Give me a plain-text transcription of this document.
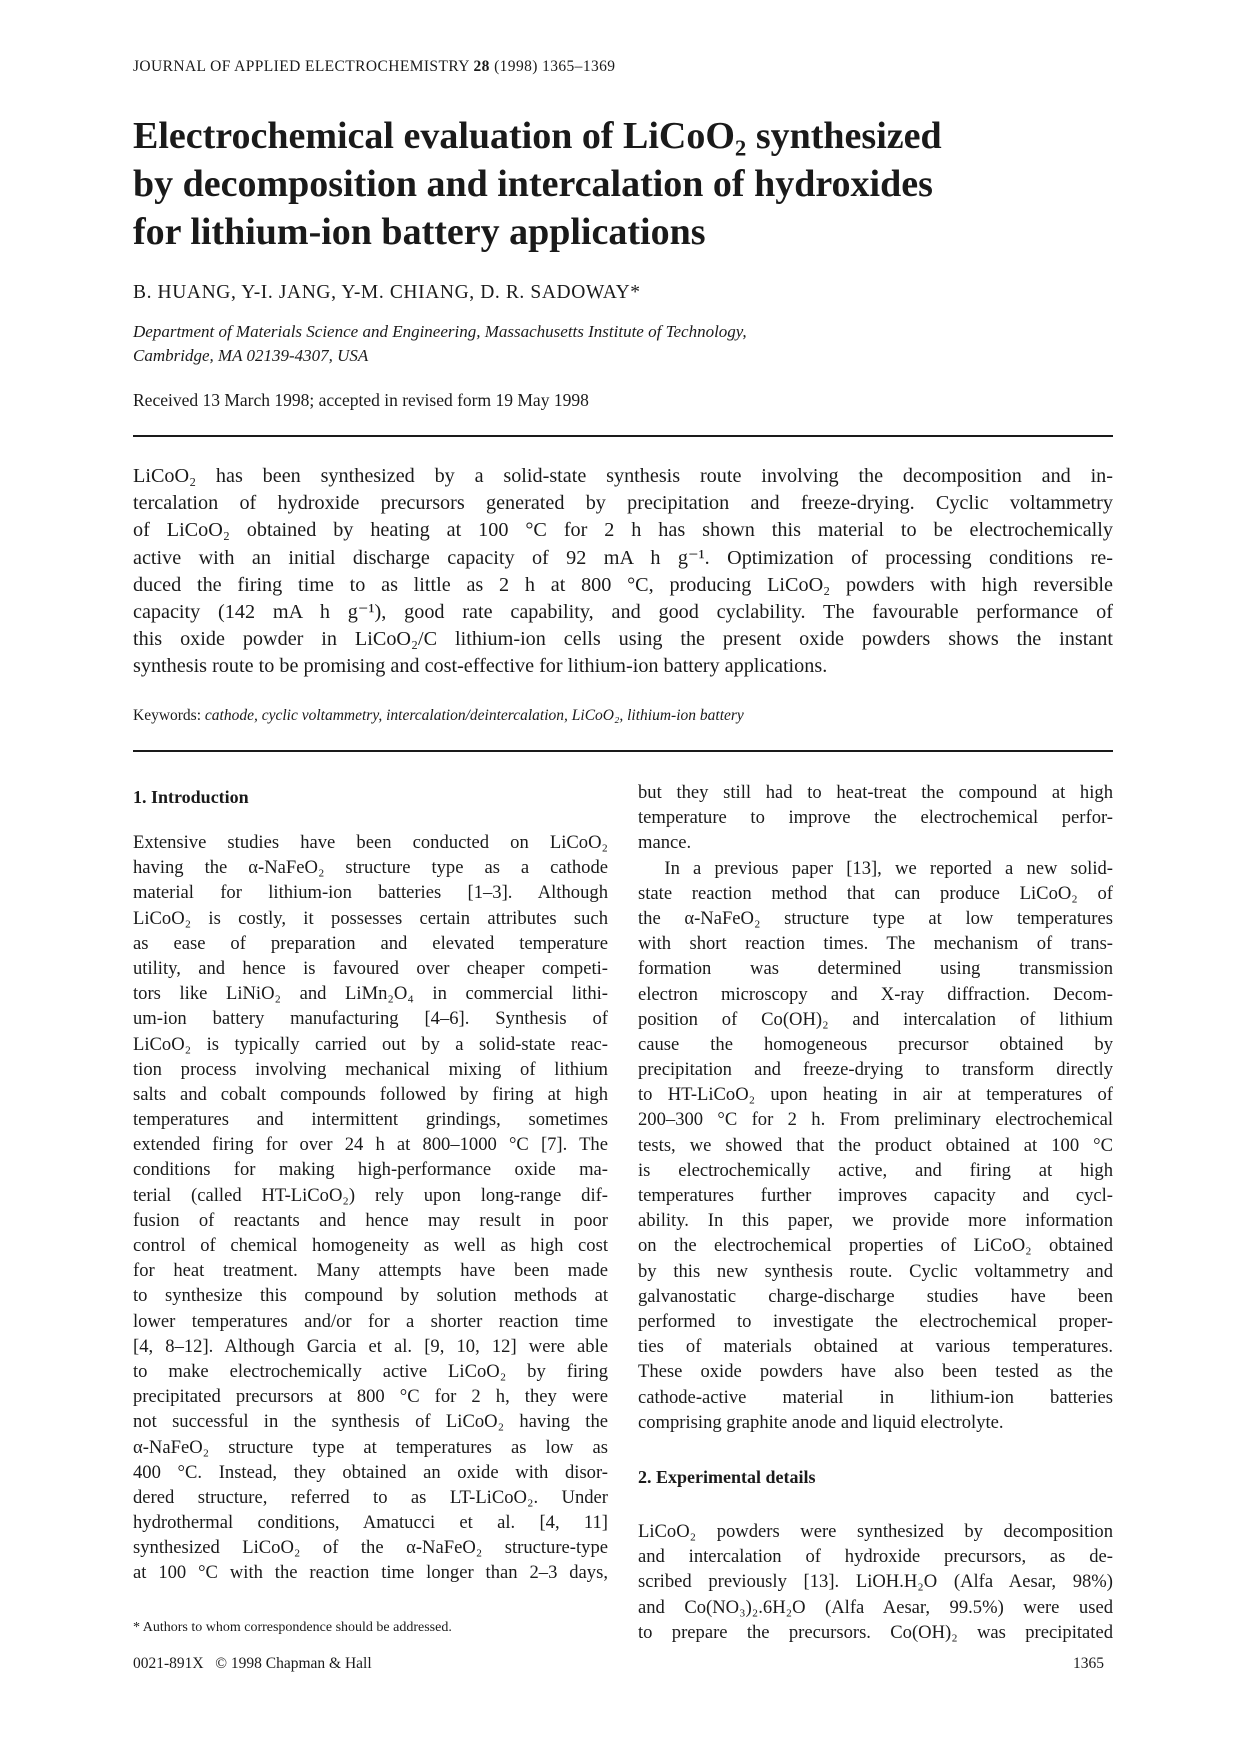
JOURNAL OF APPLIED ELECTROCHEMISTRY 28 (1998) 1365–1369
Electrochemical evaluation of LiCoO₂ synthesized
by decomposition and intercalation of hydroxides
for lithium-ion battery applications
B. HUANG, Y-I. JANG, Y-M. CHIANG, D. R. SADOWAY*
Department of Materials Science and Engineering, Massachusetts Institute of Technology,
Cambridge, MA 02139-4307, USA
Received 13 March 1998; accepted in revised form 19 May 1998
LiCoO₂ has been synthesized by a solid-state synthesis route involving the decomposition and in-
tercalation of hydroxide precursors generated by precipitation and freeze-drying. Cyclic voltammetry
of LiCoO₂ obtained by heating at 100 °C for 2 h has shown this material to be electrochemically
active with an initial discharge capacity of 92 mA h g⁻¹. Optimization of processing conditions re-
duced the firing time to as little as 2 h at 800 °C, producing LiCoO₂ powders with high reversible
capacity (142 mA h g⁻¹), good rate capability, and good cyclability. The favourable performance of
this oxide powder in LiCoO₂/C lithium-ion cells using the present oxide powders shows the instant
synthesis route to be promising and cost-effective for lithium-ion battery applications.
Keywords: cathode, cyclic voltammetry, intercalation/deintercalation, LiCoO₂, lithium-ion battery
1. Introduction
Extensive studies have been conducted on LiCoO₂
having the α-NaFeO₂ structure type as a cathode
material for lithium-ion batteries [1–3]. Although
LiCoO₂ is costly, it possesses certain attributes such
as ease of preparation and elevated temperature
utility, and hence is favoured over cheaper competi-
tors like LiNiO₂ and LiMn₂O₄ in commercial lithi-
um-ion battery manufacturing [4–6]. Synthesis of
LiCoO₂ is typically carried out by a solid-state reac-
tion process involving mechanical mixing of lithium
salts and cobalt compounds followed by firing at high
temperatures and intermittent grindings, sometimes
extended firing for over 24 h at 800–1000 °C [7]. The
conditions for making high-performance oxide ma-
terial (called HT-LiCoO₂) rely upon long-range dif-
fusion of reactants and hence may result in poor
control of chemical homogeneity as well as high cost
for heat treatment. Many attempts have been made
to synthesize this compound by solution methods at
lower temperatures and/or for a shorter reaction time
[4, 8–12]. Although Garcia et al. [9, 10, 12] were able
to make electrochemically active LiCoO₂ by firing
precipitated precursors at 800 °C for 2 h, they were
not successful in the synthesis of LiCoO₂ having the
α-NaFeO₂ structure type at temperatures as low as
400 °C. Instead, they obtained an oxide with disor-
dered structure, referred to as LT-LiCoO₂. Under
hydrothermal conditions, Amatucci et al. [4, 11]
synthesized LiCoO₂ of the α-NaFeO₂ structure-type
at 100 °C with the reaction time longer than 2–3 days,
but they still had to heat-treat the compound at high
temperature to improve the electrochemical perfor-
mance.
In a previous paper [13], we reported a new solid-
state reaction method that can produce LiCoO₂ of
the α-NaFeO₂ structure type at low temperatures
with short reaction times. The mechanism of trans-
formation was determined using transmission
electron microscopy and X-ray diffraction. Decom-
position of Co(OH)₂ and intercalation of lithium
cause the homogeneous precursor obtained by
precipitation and freeze-drying to transform directly
to HT-LiCoO₂ upon heating in air at temperatures of
200–300 °C for 2 h. From preliminary electrochemical
tests, we showed that the product obtained at 100 °C
is electrochemically active, and firing at high
temperatures further improves capacity and cycl-
ability. In this paper, we provide more information
on the electrochemical properties of LiCoO₂ obtained
by this new synthesis route. Cyclic voltammetry and
galvanostatic charge-discharge studies have been
performed to investigate the electrochemical proper-
ties of materials obtained at various temperatures.
These oxide powders have also been tested as the
cathode-active material in lithium-ion batteries
comprising graphite anode and liquid electrolyte.
2. Experimental details
LiCoO₂ powders were synthesized by decomposition
and intercalation of hydroxide precursors, as de-
scribed previously [13]. LiOH.H₂O (Alfa Aesar, 98%)
and Co(NO₃)₂.6H₂O (Alfa Aesar, 99.5%) were used
to prepare the precursors. Co(OH)₂ was precipitated
* Authors to whom correspondence should be addressed.
0021-891X © 1998 Chapman & Hall	1365
